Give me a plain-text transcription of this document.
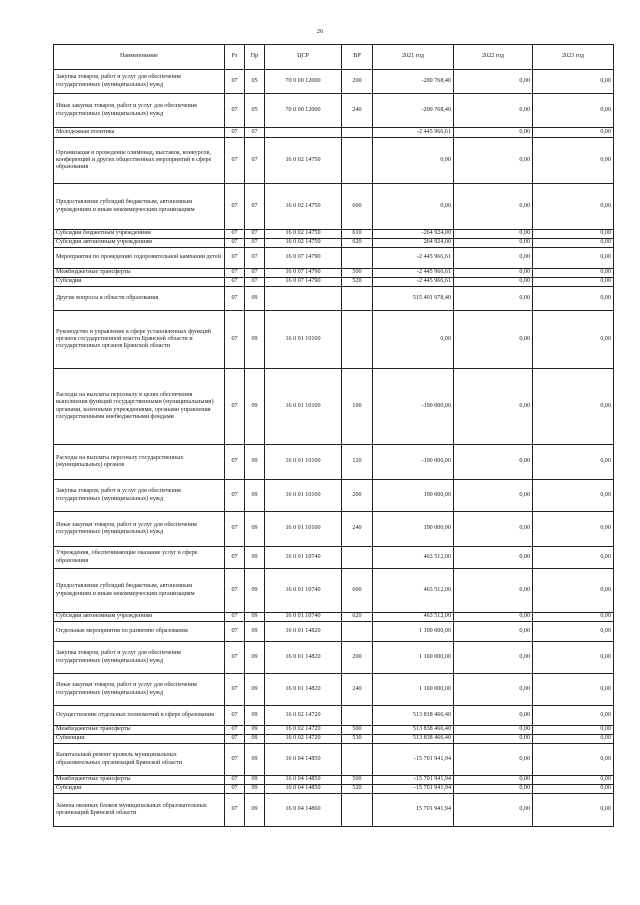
26
Наименование	Рз	Пр	ЦСР	ВР	2021 год	2022 год	2023 год
Закупка товаров, работ и услуг для обеспечения государственных (муниципальных) нужд	07	05	70 0 00 12000	200	-200 768,40	0,00	0,00
Иные закупки товаров, работ и услуг для обеспечения государственных (муниципальных) нужд	07	05	70 0 00 12000	240	-200 768,40	0,00	0,00
Молодежная политика	07	07			-2 445 966,61	0,00	0,00
Организация и проведение олимпиад, выставок, конкурсов, конференций и других общественных мероприятий в сфере образования	07	07	16 0 02 14750		0,00	0,00	0,00
Предоставление субсидий бюджетным, автономным учреждениям и иным некоммерческим организациям	07	07	16 0 02 14750	600	0,00	0,00	0,00
Субсидии бюджетным учреждениям	07	07	16 0 02 14750	610	-264 924,00	0,00	0,00
Субсидии автономным учреждениям	07	07	16 0 02 14750	620	264 924,00	0,00	0,00
Мероприятия по проведению оздоровительной кампании детей	07	07	16 0 07 14790		-2 445 966,61	0,00	0,00
Межбюджетные трансферты	07	07	16 0 07 14790	500	-2 445 966,61	0,00	0,00
Субсидии	07	07	16 0 07 14790	520	-2 445 966,61	0,00	0,00
Другие вопросы в области образования	07	09			515 401 978,40	0,00	0,00
Руководство и управление в сфере установленных функций органов государственной власти Брянской области и государственных органов Брянской области	07	09	16 0 01 10100		0,00	0,00	0,00
Расходы на выплаты персоналу в целях обеспечения выполнения функций государственными (муниципальными) органами, казенными учреждениями, органами управления государственными внебюджетными фондами	07	09	16 0 01 10100	100	-190 000,00	0,00	0,00
Расходы на выплаты персоналу государственных (муниципальных) органов	07	09	16 0 01 10100	120	-190 000,00	0,00	0,00
Закупка товаров, работ и услуг для обеспечения государственных (муниципальных) нужд	07	09	16 0 01 10100	200	190 000,00	0,00	0,00
Иные закупки товаров, работ и услуг для обеспечения государственных (муниципальных) нужд	07	09	16 0 01 10100	240	190 000,00	0,00	0,00
Учреждения, обеспечивающие оказание услуг в сфере образования	07	09	16 0 01 10740		463 512,00	0,00	0,00
Предоставление субсидий бюджетным, автономным учреждениям и иным некоммерческим организациям	07	09	16 0 01 10740	600	463 512,00	0,00	0,00
Субсидии автономным учреждениям	07	09	16 0 01 10740	620	463 512,00	0,00	0,00
Отдельные мероприятия по развитию образования	07	09	16 0 01 14820		1 100 000,00	0,00	0,00
Закупка товаров, работ и услуг для обеспечения государственных (муниципальных) нужд	07	09	16 0 01 14820	200	1 100 000,00	0,00	0,00
Иные закупки товаров, работ и услуг для обеспечения государственных (муниципальных) нужд	07	09	16 0 01 14820	240	1 100 000,00	0,00	0,00
Осуществление отдельных полномочий в сфере образования	07	09	16 0 02 14720		513 838 466,40	0,00	0,00
Межбюджетные трансферты	07	09	16 0 02 14720	500	513 838 466,40	0,00	0,00
Субвенции	07	09	16 0 02 14720	530	513 838 466,40	0,00	0,00
Капитальный ремонт кровель муниципальных образовательных организаций Брянской области	07	09	16 0 04 14850		-15 701 941,94	0,00	0,00
Межбюджетные трансферты	07	09	16 0 04 14850	500	-15 701 941,94	0,00	0,00
Субсидии	07	09	16 0 04 14850	520	-15 701 941,94	0,00	0,00
Замена оконных блоков муниципальных образовательных организаций Брянской области	07	09	16 0 04 14860		15 701 941,94	0,00	0,00
